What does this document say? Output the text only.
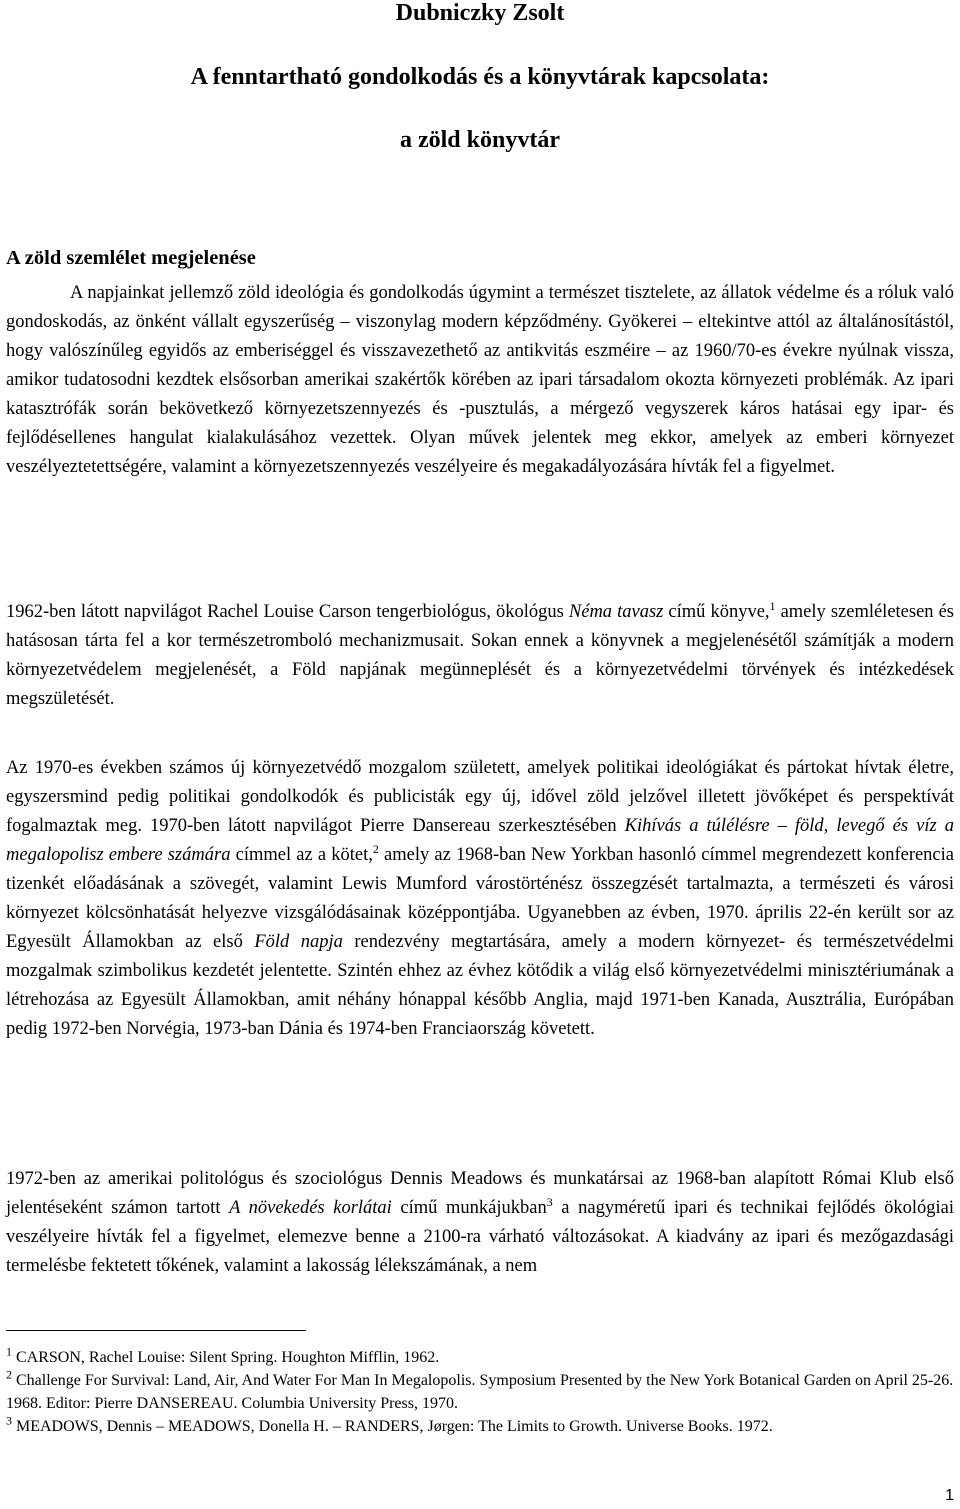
Dubniczky Zsolt
A fenntartható gondolkodás és a könyvtárak kapcsolata:
a zöld könyvtár
A zöld szemlélet megjelenése

A napjainkat jellemző zöld ideológia és gondolkodás úgymint a természet tisztelete, az állatok védelme és a róluk való gondoskodás, az önként vállalt egyszerűség – viszonylag modern képződmény. Gyökerei – eltekintve attól az általánosítástól, hogy valószínűleg egyidős az emberiséggel és visszavezethető az antikvitás eszméire – az 1960/70-es évekre nyúlnak vissza, amikor tudatosodni kezdtek elsősorban amerikai szakértők körében az ipari társadalom okozta környezeti problémák. Az ipari katasztrófák során bekövetkező környezetszennyezés és -pusztulás, a mérgező vegyszerek káros hatásai egy ipar- és fejlődésellenes hangulat kialakulásához vezettek. Olyan művek jelentek meg ekkor, amelyek az emberi környezet veszélyeztetettségére, valamint a környezetszennyezés veszélyeire és megakadályozására hívták fel a figyelmet.

1962-ben látott napvilágot Rachel Louise Carson tengerbiológus, ökológus Néma tavasz című könyve,$^1$ amely szemléletesen és hatásosan tárta fel a kor természetromboló mechanizmusait. Sokan ennek a könyvnek a megjelenésétől számítják a modern környezetvédelem megjelenését, a Föld napjának megünneplését és a környezetvédelmi törvények és intézkedések megszületését.

Az 1970-es években számos új környezetvédő mozgalom született, amelyek politikai ideológiákat és pártokat hívtak életre, egyszersmind pedig politikai gondolkodók és publicisták egy új, idővel zöld jelzővel illetett jövőképet és perspektívát fogalmaztak meg. 1970-ben látott napvilágot Pierre Dansereau szerkesztésében Kihívás a túlélésre – föld, levegő és víz a megalopolisz embere számára címmel az a kötet,$^2$ amely az 1968-ban New Yorkban hasonló címmel megrendezett konferencia tizenkét előadásának a szövegét, valamint Lewis Mumford várostörténész összegzését tartalmazta, a természeti és városi környezet kölcsönhatását helyezve vizsgálódásainak középpontjába. Ugyanebben az évben, 1970. április 22-én került sor az Egyesült Államokban az első Föld napja rendezvény megtartására, amely a modern környezet- és természetvédelmi mozgalmak szimbolikus kezdetét jelentette. Szintén ehhez az évhez kötődik a világ első környezetvédelmi minisztériumának a létrehozása az Egyesült Államokban, amit néhány hónappal később Anglia, majd 1971-ben Kanada, Ausztrália, Európában pedig 1972-ben Norvégia, 1973-ban Dánia és 1974-ben Franciaország követett.

1972-ben az amerikai politológus és szociológus Dennis Meadows és munkatársai az 1968-ban alapított Római Klub első jelentéseként számon tartott A növekedés korlátai című munkájukban$^3$ a nagyméretű ipari és technikai fejlődés ökológiai veszélyeire hívták fel a figyelmet, elemezve benne a 2100-ra várható változásokat. A kiadvány az ipari és mezőgazdasági termelésbe fektetett tőkének, valamint a lakosság lélekszámának, a nem

$^1$ CARSON, Rachel Louise: Silent Spring. Houghton Mifflin, 1962.

$^2$ Challenge For Survival: Land, Air, And Water For Man In Megalopolis. Symposium Presented by the New York Botanical Garden on April 25-26. 1968. Editor: Pierre DANSEREAU. Columbia University Press, 1970.

$^3$ MEADOWS, Dennis – MEADOWS, Donella H. – RANDERS, Jørgen: The Limits to Growth. Universe Books. 1972.

1
